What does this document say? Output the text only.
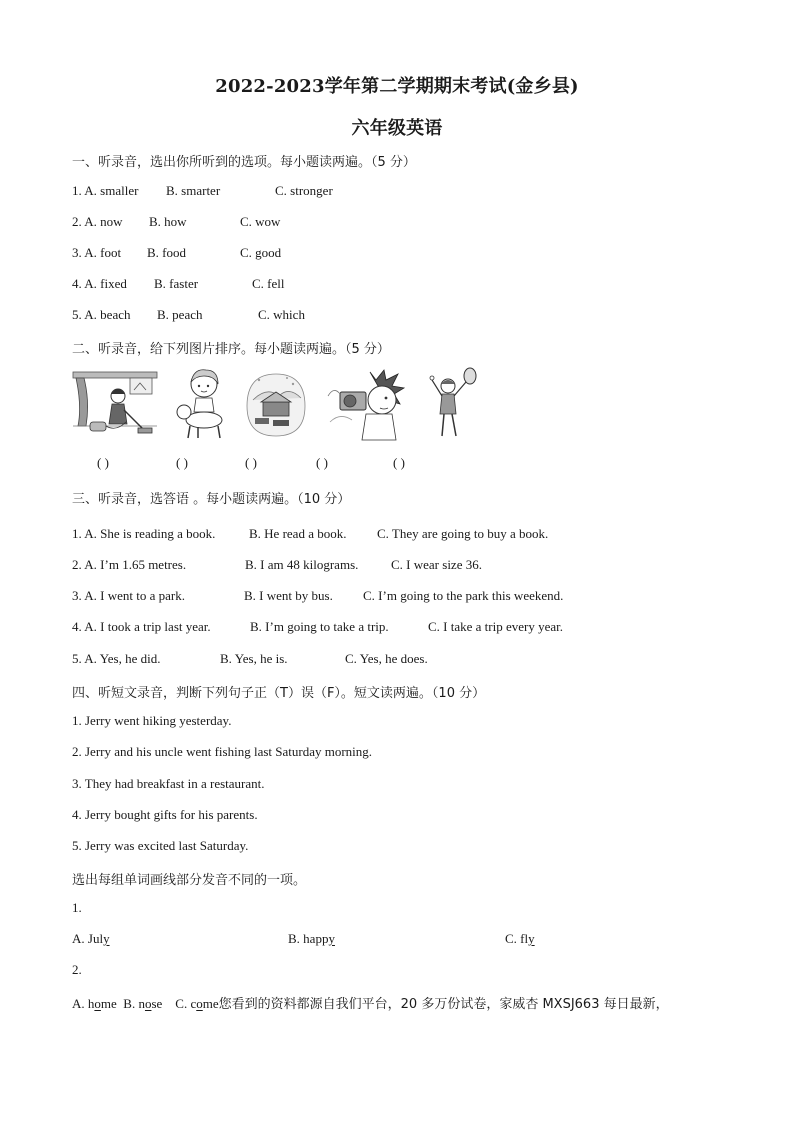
2022-2023学年第二学期期末考试(金乡县)
六年级英语
一、听录音，选出你所听到的选项。每小题读两遍。（5 分）
1. A. smaller B. smarter	C. stronger
2. A. now B. how	C. wow
3. A. foot B. food	C. good
4. A. fixed B. faster	C. fell
5. A. beach B. peach	C. which
二、听录音，给下列图片排序。每小题读两遍。（5 分）
( )	( )	( )	( )	( )
三、听录音，选答语 。每小题读两遍。（10 分）
1. A. She is reading a book.	B. He read a book. C. They are going to buy a book.
2. A. I’m 1.65 metres.	B. I am 48 kilograms.	C. I wear size 36.
3. A. I went to a park.	B. I went by bus. C. I’m going to the park this weekend.
4. A. I took a trip last year.	B. I’m going to take a trip.	C. I take a trip every year.
5. A. Yes, he did.	B. Yes, he is.	C. Yes, he does.
四、听短文录音，判断下列句子正（T）误（F）。短文读两遍。（10 分）
1. Jerry went hiking yesterday.
2. Jerry and his uncle went fishing last Saturday morning.
3. They had breakfast in a restaurant.
4. Jerry bought gifts for his parents.
5. Jerry was excited last Saturday.
选出每组单词画线部分发音不同的一项。
1.
A. July	B. happy	C. fly
2.
A. home B. nose C. come您看到的资料都源自我们平台，20 多万份试卷，家威杏 MXSJ663 每日最新，
